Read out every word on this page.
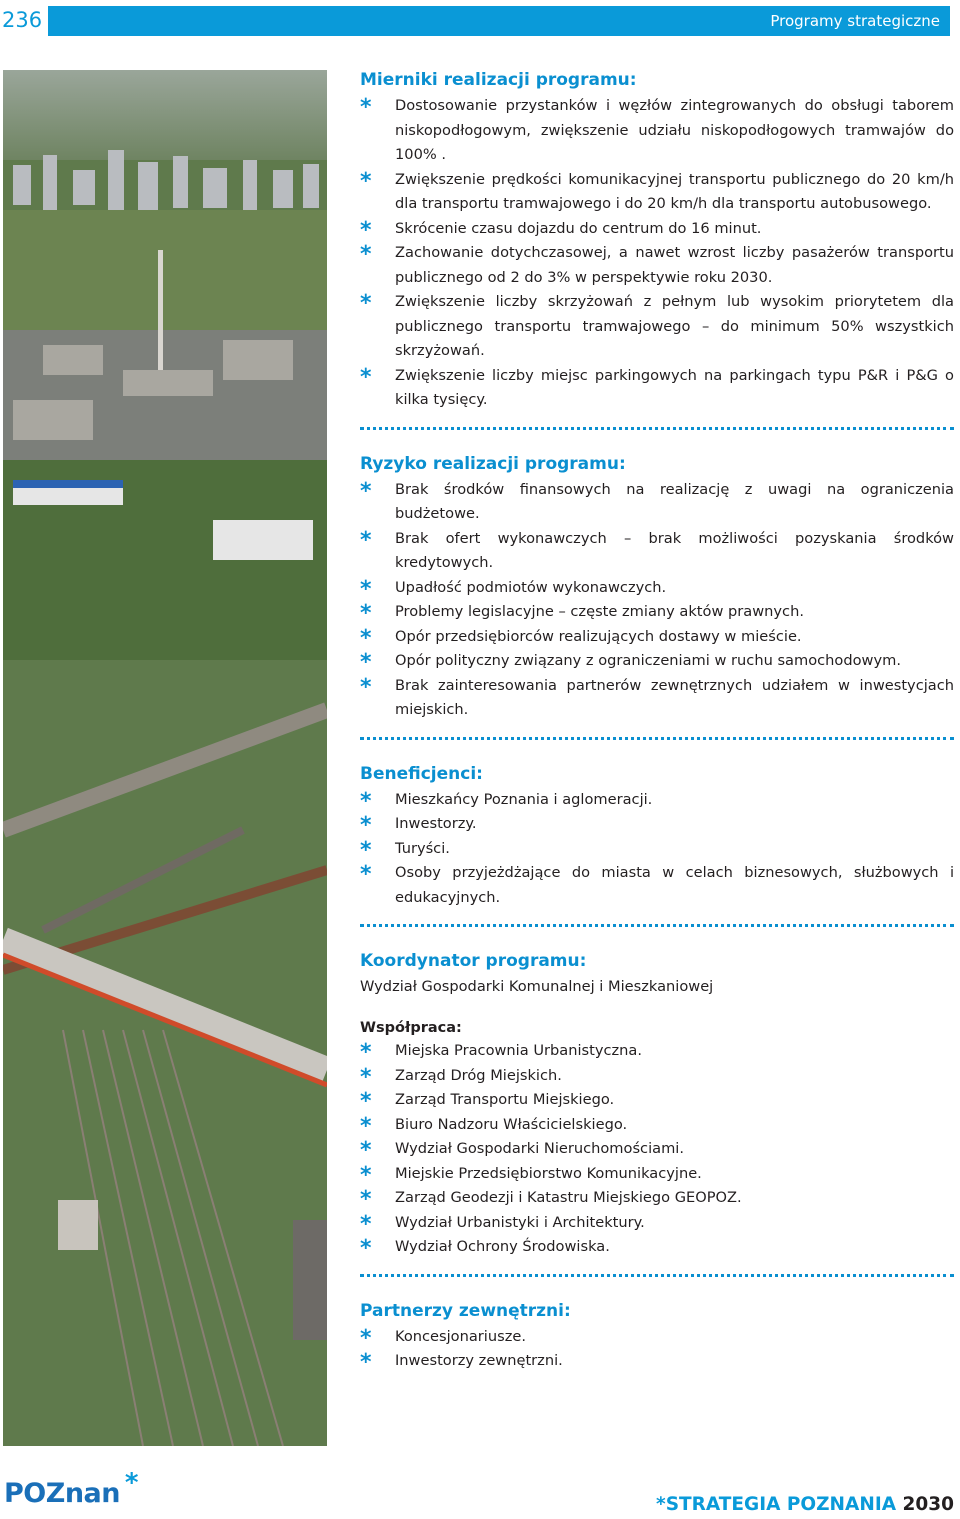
236	Programy strategiczne
Mierniki realizacji programu:
*	Dostosowanie przystanków i węzłów zintegrowanych do obsługi taborem niskopodłogowym, zwiększenie udziału niskopodłogowych tramwajów do 100% .
*	Zwiększenie prędkości komunikacyjnej transportu publicznego do 20 km/h dla transportu tramwajowego i do 20 km/h dla transportu autobusowego.
*	Skrócenie czasu dojazdu do centrum do 16 minut.
*	Zachowanie dotychczasowej, a nawet wzrost liczby pasażerów transportu publicznego od 2 do 3% w perspektywie roku 2030.
*	Zwiększenie liczby skrzyżowań z pełnym lub wysokim priorytetem dla publicznego transportu tramwajowego – do minimum 50% wszystkich skrzyżowań.
*	Zwiększenie liczby miejsc parkingowych na parkingach typu P&R i P&G o kilka tysięcy.
Ryzyko realizacji programu:
*	Brak środków finansowych na realizację z uwagi na ograniczenia budżetowe.
*	Brak ofert wykonawczych – brak możliwości pozyskania środków kredytowych.
*	Upadłość podmiotów wykonawczych.
*	Problemy legislacyjne – częste zmiany aktów prawnych.
*	Opór przedsiębiorców realizujących dostawy w mieście.
*	Opór polityczny związany z ograniczeniami w ruchu samochodowym.
*	Brak zainteresowania partnerów zewnętrznych udziałem w inwestycjach miejskich.
Beneficjenci:
*	Mieszkańcy Poznania i aglomeracji.
*	Inwestorzy.
*	Turyści.
*	Osoby przyjeżdżające do miasta w celach biznesowych, służbowych i edukacyjnych.
Koordynator programu:

Wydział Gospodarki Komunalnej i Mieszkaniowej

Współpraca:
*	Miejska Pracownia Urbanistyczna.
*	Zarząd Dróg Miejskich.
*	Zarząd Transportu Miejskiego.
*	Biuro Nadzoru Właścicielskiego.
*	Wydział Gospodarki Nieruchomościami.
*	Miejskie Przedsiębiorstwo Komunikacyjne.
*	Zarząd Geodezji i Katastru Miejskiego GEOPOZ.
*	Wydział Urbanistyki i Architektury.
*	Wydział Ochrony Środowiska.
Partnerzy zewnętrzni:
*	Koncesjonariusze.
*	Inwestorzy zewnętrzni.
POZnan *
*STRATEGIA POZNANIA 2030
